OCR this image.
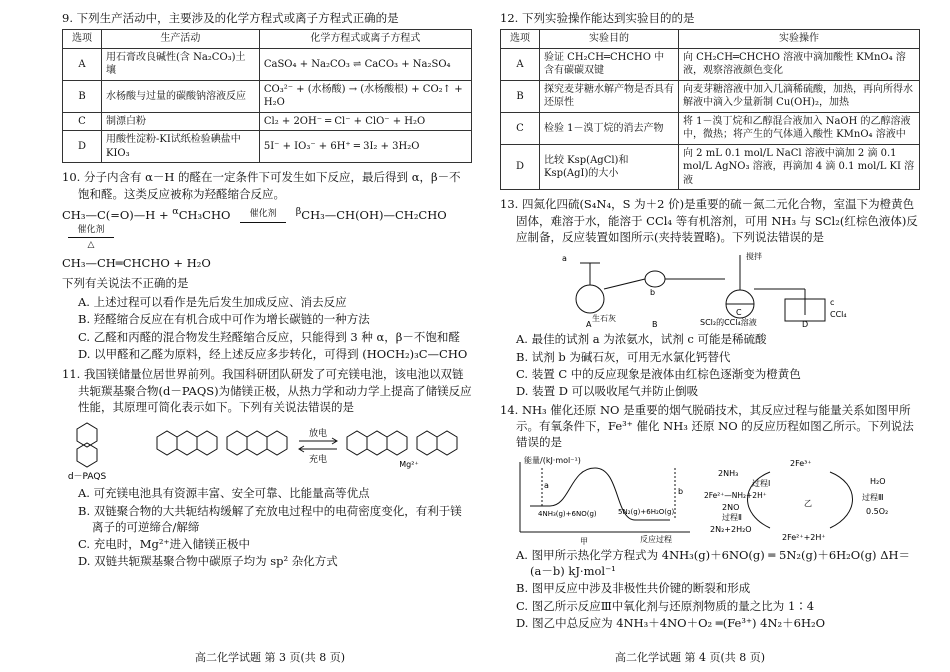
9. 下列生产活动中，主要涉及的化学方程式或离子方程式正确的是
选项	生产活动	化学方程式或离子方程式
A	用石膏改良碱性(含 Na₂CO₃)土壤	CaSO₄ + Na₂CO₃ ⇌ CaCO₃ + Na₂SO₄
B	水杨酸与过量的碳酸钠溶液反应	CO₃²⁻ + (水杨酸) → (水杨酸根) + CO₂↑ + H₂O
C	制漂白粉	Cl₂ + 2OH⁻ ═ Cl⁻ + ClO⁻ + H₂O
D	用酸性淀粉-KI试纸检验碘盐中 KIO₃	5I⁻ + IO₃⁻ + 6H⁺ ═ 3I₂ + 3H₂O
10. 分子内含有 α－H 的醛在一定条件下可发生如下反应，最后得到 α，β－不饱和醛。这类反应被称为羟醛缩合反应。
CH₃—C(=O)—H + $^\alpha$CH₃CHO 催化剂 $^\beta$CH₃—CH(OH)—CH₂CHO 催化剂
△
CH₃—CH═CHCHO + H₂O
下列有关说法不正确的是
A. 上述过程可以看作是先后发生加成反应、消去反应
B. 羟醛缩合反应在有机合成中可作为增长碳链的一种方法
C. 乙醛和丙醛的混合物发生羟醛缩合反应，只能得到 3 种 α，β－不饱和醛
D. 以甲醛和乙醛为原料，经上述反应多步转化，可得到 (HOCH₂)₃C—CHO
11. 我国镁储量位居世界前列。我国科研团队研发了可充镁电池，该电池以双链共轭羰基聚合物(d－PAQS)为储镁正极，从热力学和动力学上提高了储镁反应性能，其原理可简化表示如下。下列有关说法错误的是
d－PAQS
放电
充电	Mg²⁺
A. 可充镁电池具有资源丰富、安全可靠、比能量高等优点
B. 双链聚合物的大共轭结构缓解了充放电过程中的电荷密度变化，有利于镁离子的可逆缔合/解缔
C. 充电时，Mg²⁺进入储镁正极中
D. 双链共轭羰基聚合物中碳原子均为 sp² 杂化方式
高二化学试题 第 3 页(共 8 页)
12. 下列实验操作能达到实验目的的是
选项	实验目的	实验操作
A	验证 CH₂CH═CHCHO 中含有碳碳双键	向 CH₂CH═CHCHO 溶液中滴加酸性 KMnO₄ 溶液，观察溶液颜色变化
B	探究麦芽糖水解产物是否具有还原性	向麦芽糖溶液中加入几滴稀硫酸，加热，再向所得水解液中滴入少量新制 Cu(OH)₂，加热
C	检验 1－溴丁烷的消去产物	将 1－溴丁烷和乙醇混合液加入 NaOH 的乙醇溶液中，微热；将产生的气体通入酸性 KMnO₄ 溶液中
D	比较 Ksp(AgCl)和 Ksp(AgI)的大小	向 2 mL 0.1 mol/L NaCl 溶液中滴加 2 滴 0.1 mol/L AgNO₃ 溶液，再滴加 4 滴 0.1 mol/L KI 溶液
13. 四氮化四硫(S₄N₄，S 为＋2 价)是重要的硫－氮二元化合物，室温下为橙黄色固体，难溶于水，能溶于 CCl₄ 等有机溶剂，可用 NH₃ 与 SCl₂(红棕色液体)反应制备，反应装置如图所示(夹持装置略)。下列说法错误的是
a
生石灰
b
搅拌
SCl₂的CCl₄溶液
c
CCl₄
A	B
C
D
A. 最佳的试剂 a 为浓氨水，试剂 c 可能是稀硫酸
B. 试剂 b 为碱石灰，可用无水氯化钙替代
C. 装置 C 中的反应现象是液体由红棕色逐渐变为橙黄色
D. 装置 D 可以吸收尾气并防止倒吸
14. NH₃ 催化还原 NO 是重要的烟气脱硝技术，其反应过程与能量关系如图甲所示。有氧条件下，Fe³⁺ 催化 NH₃ 还原 NO 的反应历程如图乙所示。下列说法错误的是
能量/(kJ·mol⁻¹)
4NH₃(g)+6NO(g)	5N₂(g)+6H₂O(g)
a
b
反应过程
甲
2Fe³⁺
2NH₃
过程Ⅰ
2Fe²⁺—NH₂+2H⁺
2NO
过程Ⅱ
2N₂+2H₂O
2Fe²⁺+2H⁺
H₂O
过程Ⅲ
0.5O₂
乙
A. 图甲所示热化学方程式为 4NH₃(g)＋6NO(g) ═ 5N₂(g)＋6H₂O(g) ΔH＝(a－b) kJ·mol⁻¹
B. 图甲反应中涉及非极性共价键的断裂和形成
C. 图乙所示反应Ⅲ中氧化剂与还原剂物质的量之比为 1∶4
D. 图乙中总反应为 4NH₃＋4NO＋O₂ ═(Fe³⁺) 4N₂＋6H₂O
高二化学试题 第 4 页(共 8 页)
